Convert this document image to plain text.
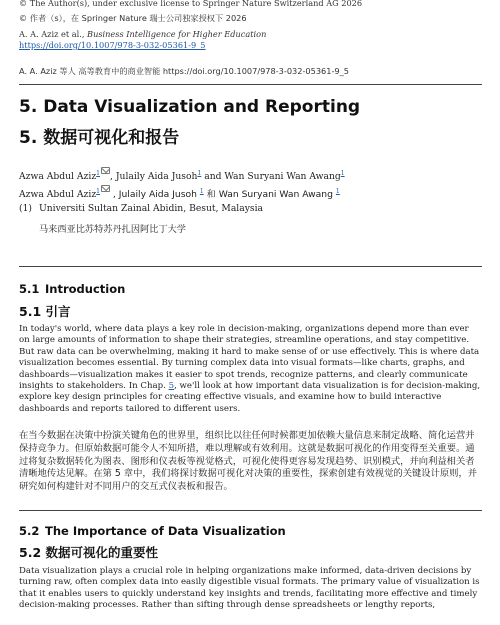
© The Author(s), under exclusive license to Springer Nature Switzerland AG 2026
© 作者（s），在 Springer Nature 瑞士公司独家授权下 2026
A. A. Aziz et al., Business Intelligence for Higher Education
https://doi.org/10.1007/978-3-032-05361-9_5
A. A. Aziz 等人 高等教育中的商业智能 https://doi.org/10.1007/978-3-032-05361-9_5
5. Data Visualization and Reporting
5. 数据可视化和报告
Azwa Abdul Aziz$^1$ , Julaily Aida Jusoh$^1$ and Wan Suryani Wan Awang$^1$
Azwa Abdul Aziz$^1$ , Julaily Aida Jusoh $^1$ 和 Wan Suryani Wan Awang $^1$
(1) Universiti Sultan Zainal Abidin, Besut, Malaysia
马来西亚比苏特苏丹扎因阿比丁大学
5.1 Introduction
5.1 引言
In today's world, where data plays a key role in decision-making, organizations depend more than ever on large amounts of information to shape their strategies, streamline operations, and stay competitive. But raw data can be overwhelming, making it hard to make sense of or use effectively. This is where data visualization becomes essential. By turning complex data into visual formats—like charts, graphs, and dashboards—visualization makes it easier to spot trends, recognize patterns, and clearly communicate insights to stakeholders. In Chap. 5, we'll look at how important data visualization is for decision-making, explore key design principles for creating effective visuals, and examine how to build interactive dashboards and reports tailored to different users.
在当今数据在决策中扮演关键角色的世界里，组织比以往任何时候都更加依赖大量信息来制定战略、简化运营并保持竞争力。但原始数据可能令人不知所措，难以理解或有效利用。这就是数据可视化的作用变得至关重要。通过将复杂数据转化为图表、图形和仪表板等视觉格式，可视化使得更容易发现趋势、识别模式，并向利益相关者清晰地传达见解。在第 5 章中，我们将探讨数据可视化对决策的重要性，探索创建有效视觉的关键设计原则，并研究如何构建针对不同用户的交互式仪表板和报告。
5.2 The Importance of Data Visualization
5.2 数据可视化的重要性
Data visualization plays a crucial role in helping organizations make informed, data-driven decisions by turning raw, often complex data into easily digestible visual formats. The primary value of visualization is that it enables users to quickly understand key insights and trends, facilitating more effective and timely decision-making processes. Rather than sifting through dense spreadsheets or lengthy reports,
